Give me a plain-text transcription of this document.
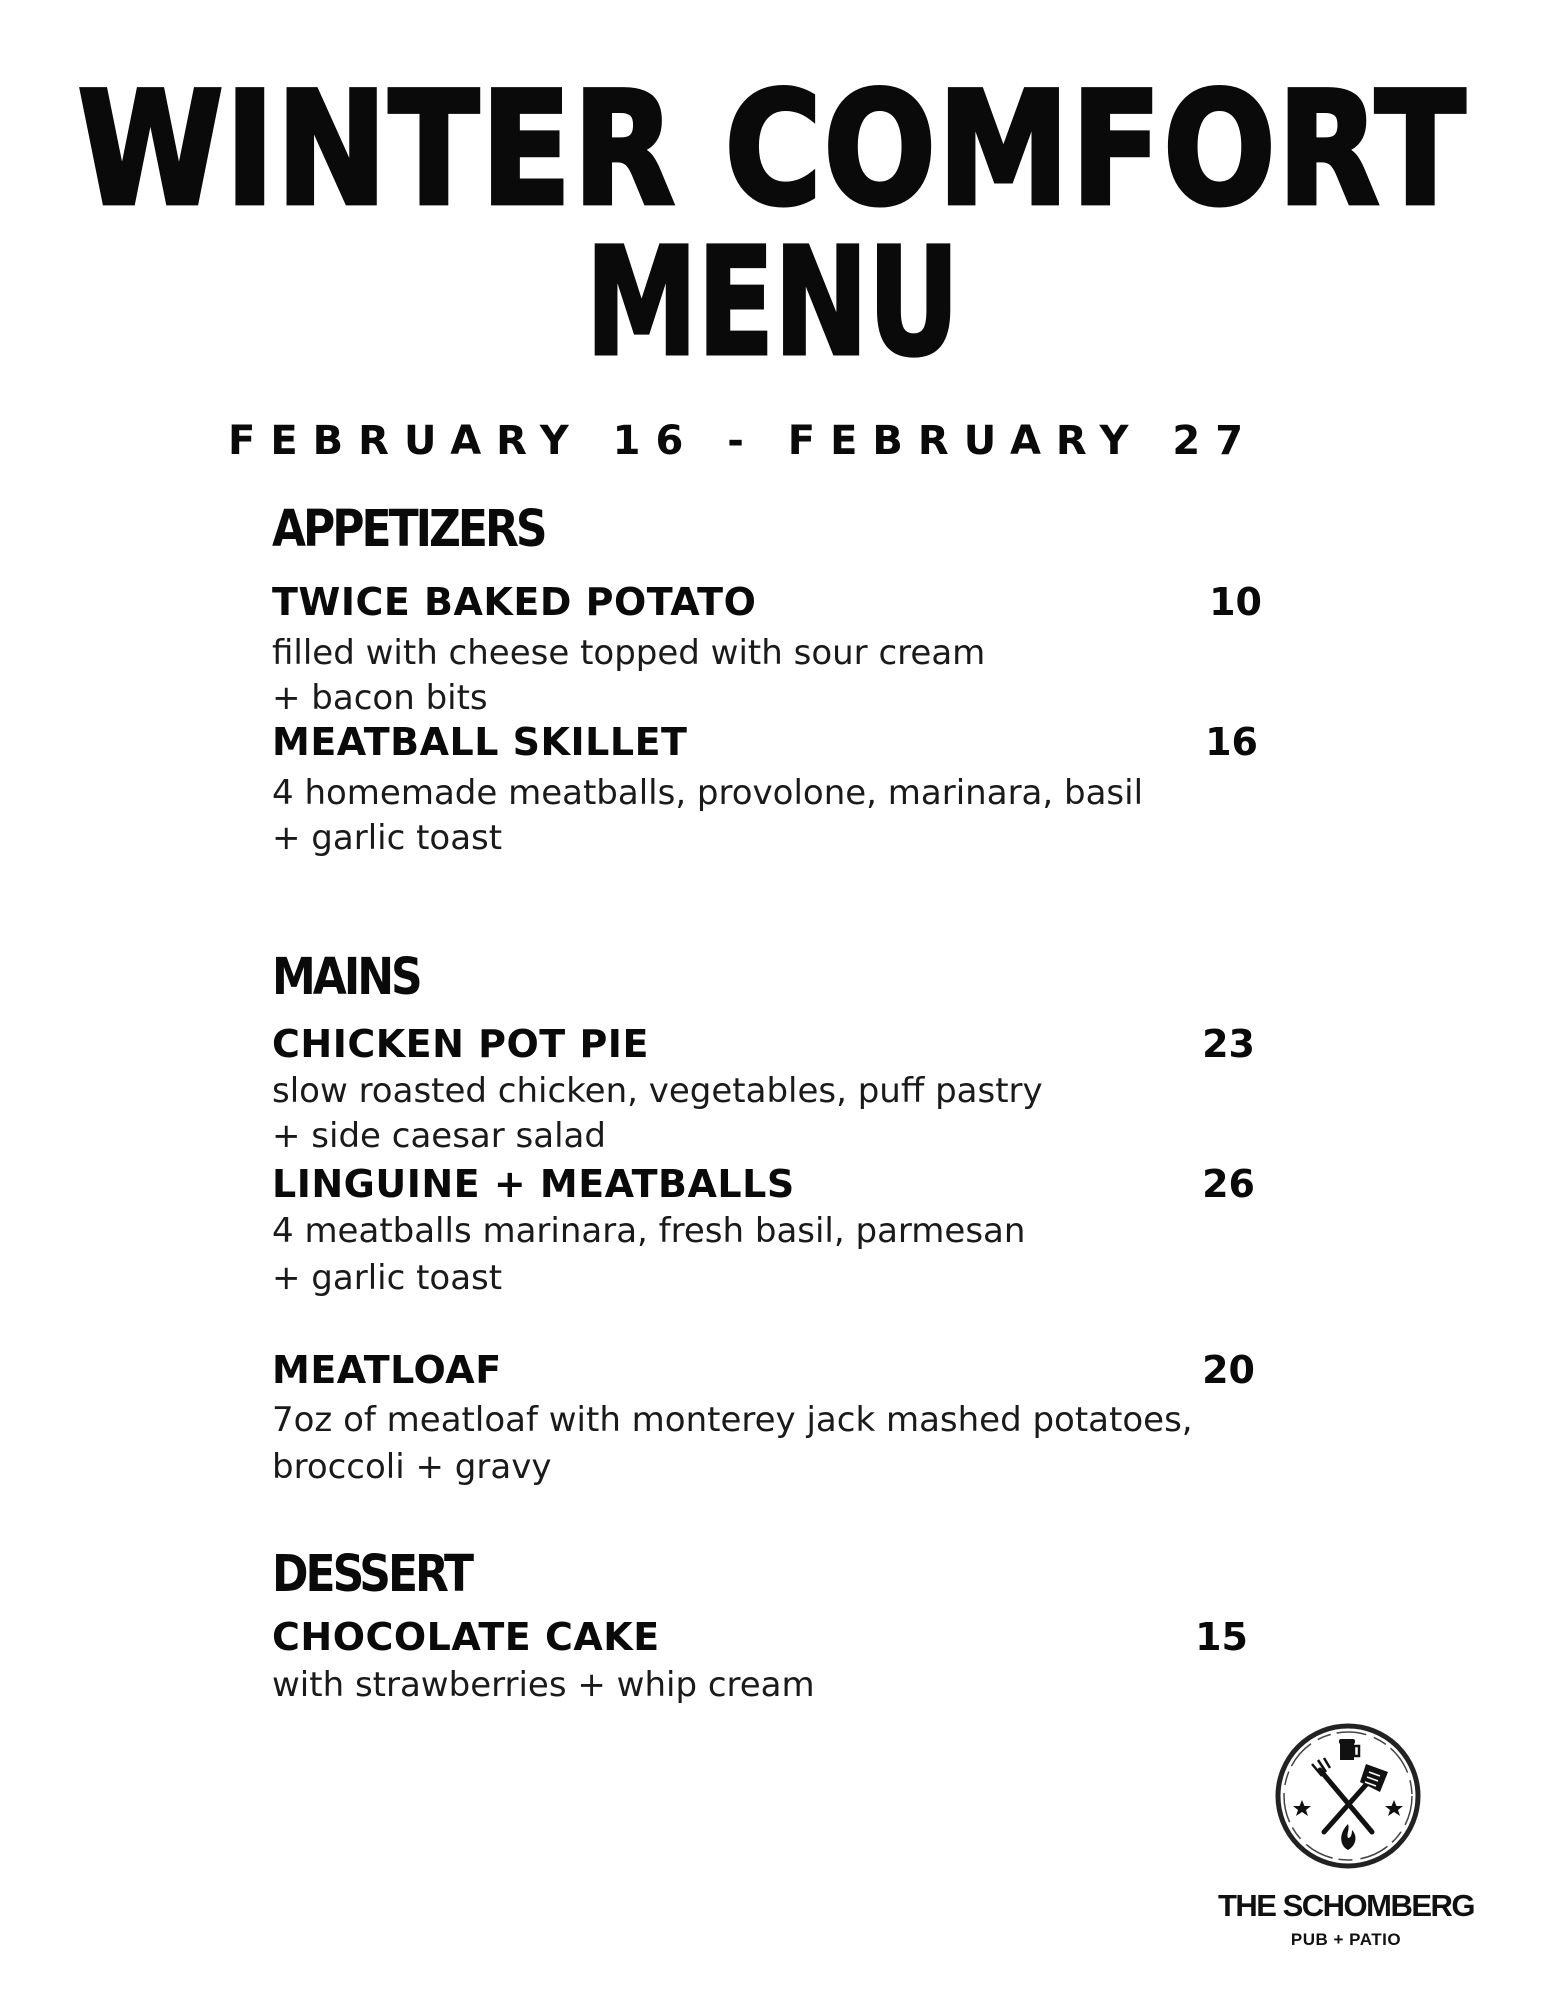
WINTER COMFORT
MENU
FEBRUARY 16 - FEBRUARY 27
APPETIZERS
TWICE BAKED POTATO	10
filled with cheese topped with sour cream
+ bacon bits
MEATBALL SKILLET	16
4 homemade meatballs, provolone, marinara, basil
+ garlic toast
MAINS
CHICKEN POT PIE	23
slow roasted chicken, vegetables, puff pastry
+ side caesar salad
LINGUINE + MEATBALLS	26
4 meatballs marinara, fresh basil, parmesan
+ garlic toast
MEATLOAF	20
7oz of meatloaf with monterey jack mashed potatoes,
broccoli + gravy
DESSERT
CHOCOLATE CAKE	15
with strawberries + whip cream
THE SCHOMBERG
PUB + PATIO
